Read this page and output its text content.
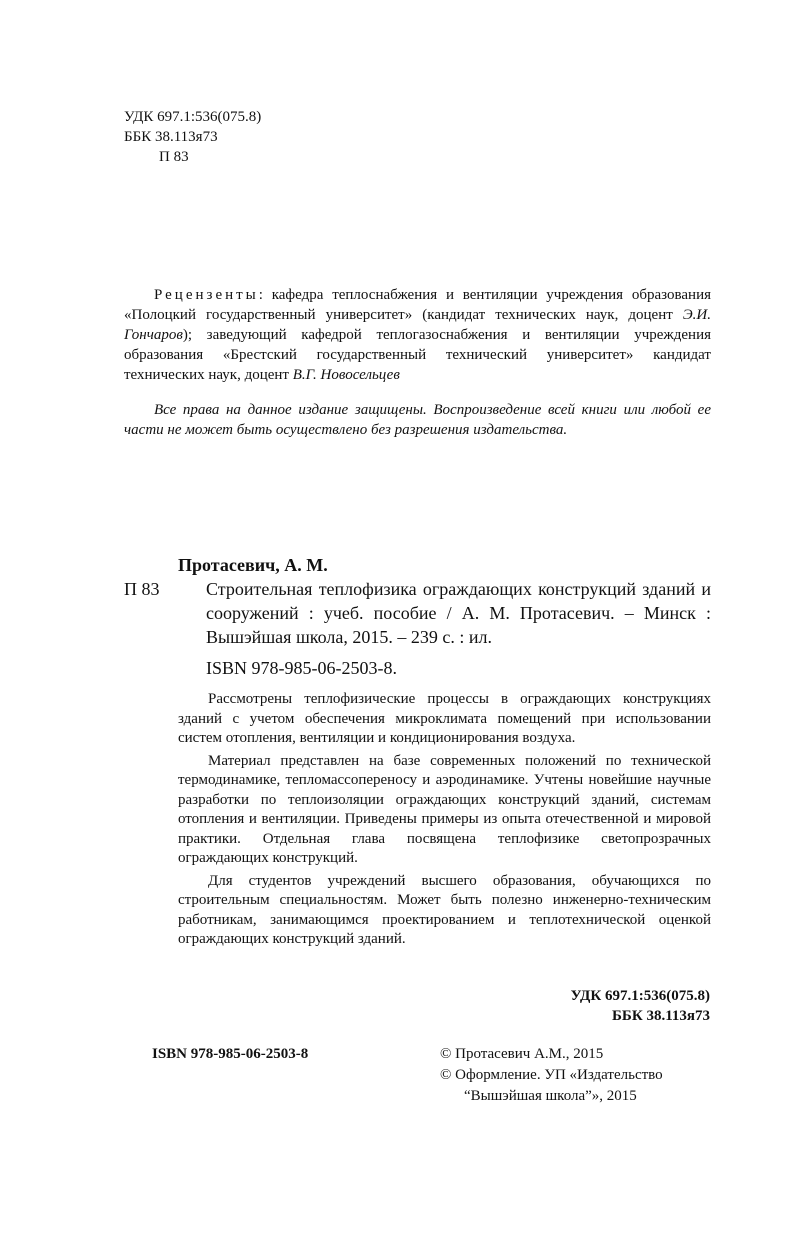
УДК 697.1:536(075.8)
ББК 38.113я73
П 83
Рецензенты: кафедра теплоснабжения и вентиляции учреждения образования «Полоцкий государственный университет» (кандидат технических наук, доцент Э.И. Гончаров); заведующий кафедрой теплогазоснабжения и вентиляции учреждения образования «Брестский государственный технический университет» кандидат технических наук, доцент В.Г. Новосельцев
Все права на данное издание защищены. Воспроизведение всей книги или любой ее части не может быть осуществлено без разрешения издательства.
Протасевич, А. М.
П 83	Строительная теплофизика ограждающих конструкций зданий и сооружений : учеб. пособие / А. М. Протасевич. – Минск : Вышэйшая школа, 2015. – 239 с. : ил.
ISBN 978-985-06-2503-8.

Рассмотрены теплофизические процессы в ограждающих конструкциях зданий с учетом обеспечения микроклимата помещений при использовании систем отопления, вентиляции и кондиционирования воздуха.

Материал представлен на базе современных положений по технической термодинамике, тепломассопереносу и аэродинамике. Учтены новейшие научные разработки по теплоизоляции ограждающих конструкций зданий, системам отопления и вентиляции. Приведены примеры из опыта отечественной и мировой практики. Отдельная глава посвящена теплофизике светопрозрачных ограждающих конструкций.

Для студентов учреждений высшего образования, обучающихся по строительным специальностям. Может быть полезно инженерно-техническим работникам, занимающимся проектированием и теплотехнической оценкой ограждающих конструкций зданий.

УДК 697.1:536(075.8)
ББК 38.113я73
ISBN 978-985-06-2503-8	© Протасевич А.М., 2015
© Оформление. УП «Издательство
“Вышэйшая школа”», 2015
